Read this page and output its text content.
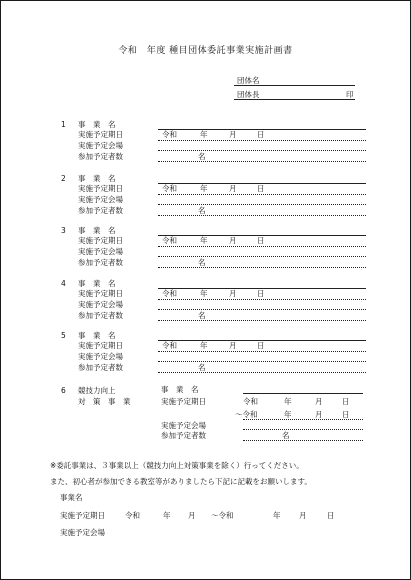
令和　年度 種目団体委託事業実施計画書
団体名
団体長	印
1 事　業　名
実施予定期日	令和	年	月	日
実施予定会場
参加予定者数	名
2 事　業　名
実施予定期日	令和	年	月	日
実施予定会場
参加予定者数	名
3 事　業　名
実施予定期日	令和	年	月	日
実施予定会場
参加予定者数	名
4 事　業　名
実施予定期日	令和	年	月	日
実施予定会場
参加予定者数	名
5 事　業　名
実施予定期日	令和	年	月	日
実施予定会場
参加予定者数	名
6 競技力向上
対　策　事　業
事　業　名
実施予定期日	令和	年	月	日
～令和	年	月	日
実施予定会場
参加予定者数	名
※委託事業は、３事業以上（競技力向上対策事業を除く）行ってください。
また、初心者が参加できる教室等がありましたら下記に記載をお願いします。
事業名
実施予定期日	令和	年 月 ～令和	年 月	日
実施予定会場
